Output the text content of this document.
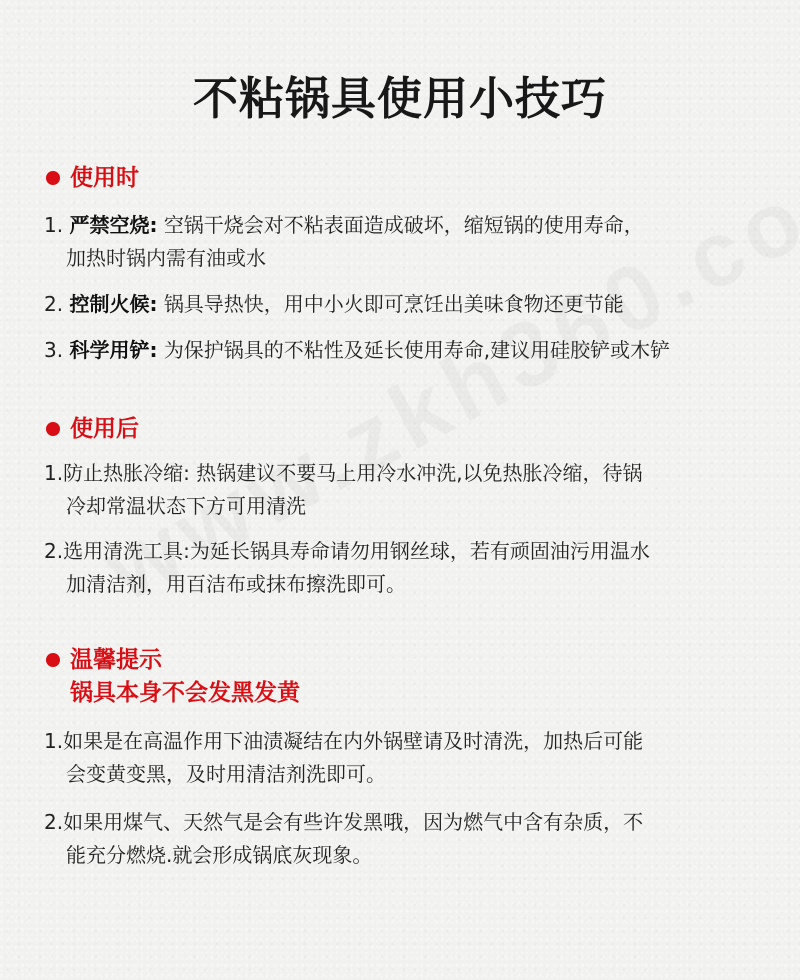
不粘锅具使用小技巧
使用时
1. 严禁空烧: 空锅干烧会对不粘表面造成破坏，缩短锅的使用寿命，
加热时锅内需有油或水
2. 控制火候: 锅具导热快，用中小火即可烹饪出美味食物还更节能
3. 科学用铲: 为保护锅具的不粘性及延长使用寿命,建议用硅胶铲或木铲
使用后
1.防止热胀冷缩: 热锅建议不要马上用冷水冲洗,以免热胀冷缩，待锅
冷却常温状态下方可用清洗
2.选用清洗工具:为延长锅具寿命请勿用钢丝球，若有顽固油污用温水
加清洁剂，用百洁布或抹布擦洗即可。
温馨提示
锅具本身不会发黑发黄
1.如果是在高温作用下油渍凝结在内外锅壁请及时清洗，加热后可能
会变黄变黑，及时用清洁剂洗即可。
2.如果用煤气、天然气是会有些许发黑哦，因为燃气中含有杂质，不
能充分燃烧.就会形成锅底灰现象。
